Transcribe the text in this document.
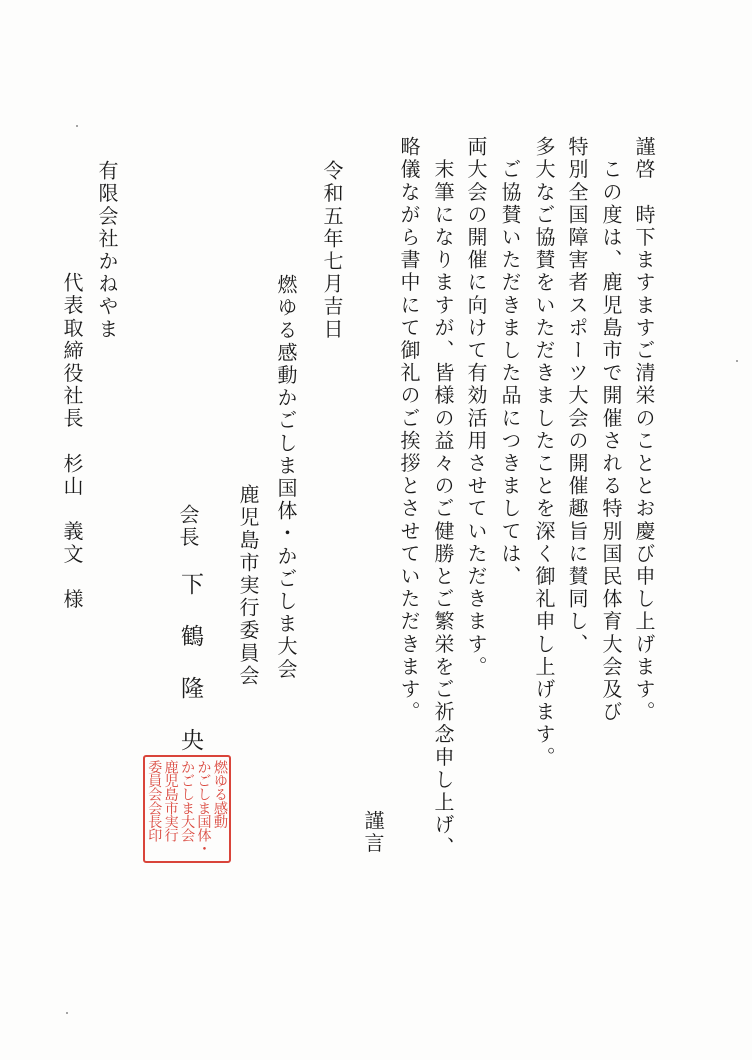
謹啓　時下ますますご清栄のこととお慶び申し上げます。
　この度は、鹿児島市で開催される特別国民体育大会及び
特別全国障害者スポーツ大会の開催趣旨に賛同し、
多大なご協賛をいただきましたことを深く御礼申し上げます。
　ご協賛いただきました品につきましては、
両大会の開催に向けて有効活用させていただきます。
　末筆になりますが、皆様の益々のご健勝とご繁栄をご祈念申し上げ、
略儀ながら書中にて御礼のご挨拶とさせていただきます。
謹言
令和五年七月吉日
燃ゆる感動かごしま国体・かごしま大会
鹿児島市実行委員会
会長
下　鶴　隆　央
燃ゆる感動
かごしま国体・
かごしま大会
鹿児島市実行
委員会会長印
有限会社かねやま
代表取締役社長　杉山　義文　様
